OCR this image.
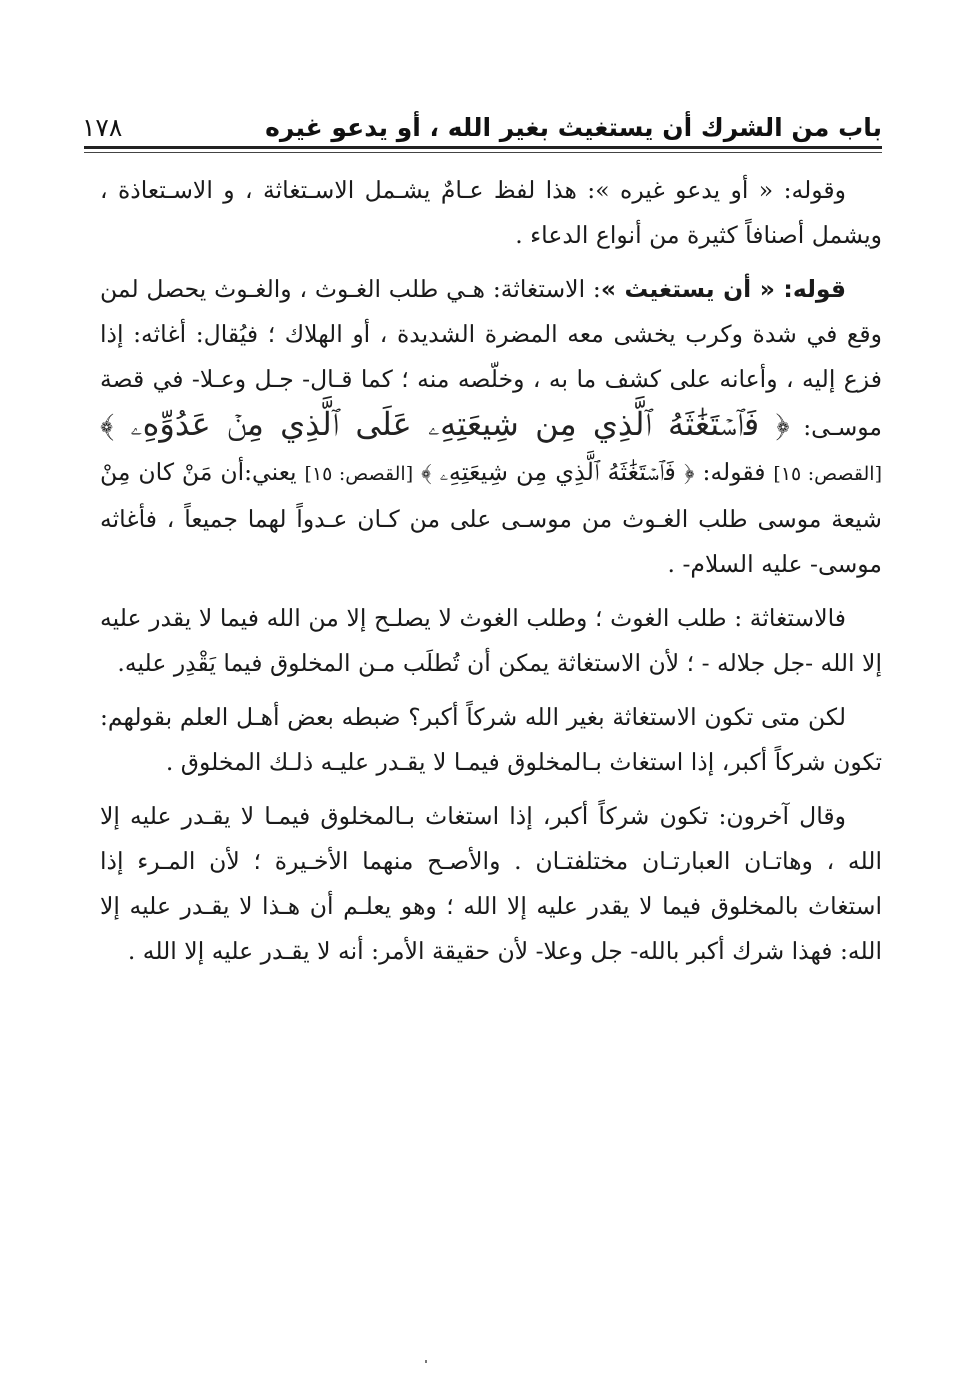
باب من الشرك أن يستغيث بغير الله ، أو يدعو غيره
١٧٨

وقوله: « أو يدعو غيره »: هذا لفظ عـامٌ يشـمل الاسـتغاثة ، و الاسـتعاذة ، ويشمل أصنافاً كثيرة من أنواع الدعاء .

قوله: « أن يستغيث »: الاستغاثة: هـي طلب الغـوث ، والغـوث يحصل لمن وقع في شدة وكرب يخشى معه المضرة الشديدة ، أو الهلاك ؛ فيُقال: أغاثه: إذا فزع إليه ، وأعانه على كشف ما به ، وخلّصه منه ؛ كما قـال- جـل وعـلا- في قصة موسـى: ﴿ فَٱسۡتَغَٰثَهُ ٱلَّذِي مِن شِيعَتِهِۦ عَلَى ٱلَّذِي مِنۡ عَدُوِّهِۦ ﴾ [القصص: ١٥] فقوله: ﴿ فَٱسۡتَغَٰثَهُ ٱلَّذِي مِن شِيعَتِهِۦ ﴾ [القصص: ١٥] يعني:أن مَنْ كان مِنْ شيعة موسى طلب الغـوث من موسـى على من كـان عـدواً لهما جميعاً ، فأغاثه موسى- عليه السلام- .

فالاستغاثة : طلب الغوث ؛ وطلب الغوث لا يصلـح إلا من الله فيما لا يقدر عليه إلا الله -جل جلاله - ؛ لأن الاستغاثة يمكن أن تُطلَب مـن المخلوق فيما يَقْدِر عليه.

لكن متى تكون الاستغاثة بغير الله شركاً أكبر؟ ضبطه بعض أهـل العلم بقولهم: تكون شركاً أكبر، إذا استغاث بـالمخلوق فيمـا لا يقـدر عليـه ذلـك المخلوق .

وقال آخرون: تكون شركاً أكبر، إذا استغاث بـالمخلوق فيمـا لا يقـدر عليه إلا الله ، وهاتـان العبارتـان مختلفتـان . والأصـح منهما الأخـيرة ؛ لأن المـرء إذا استغاث بالمخلوق فيما لا يقدر عليه إلا الله ؛ وهو يعلـم أن هـذا لا يقـدر عليه إلا الله: فهذا شرك أكبر بالله- جل وعلا- لأن حقيقة الأمر: أنه لا يقـدر عليه إلا الله .
